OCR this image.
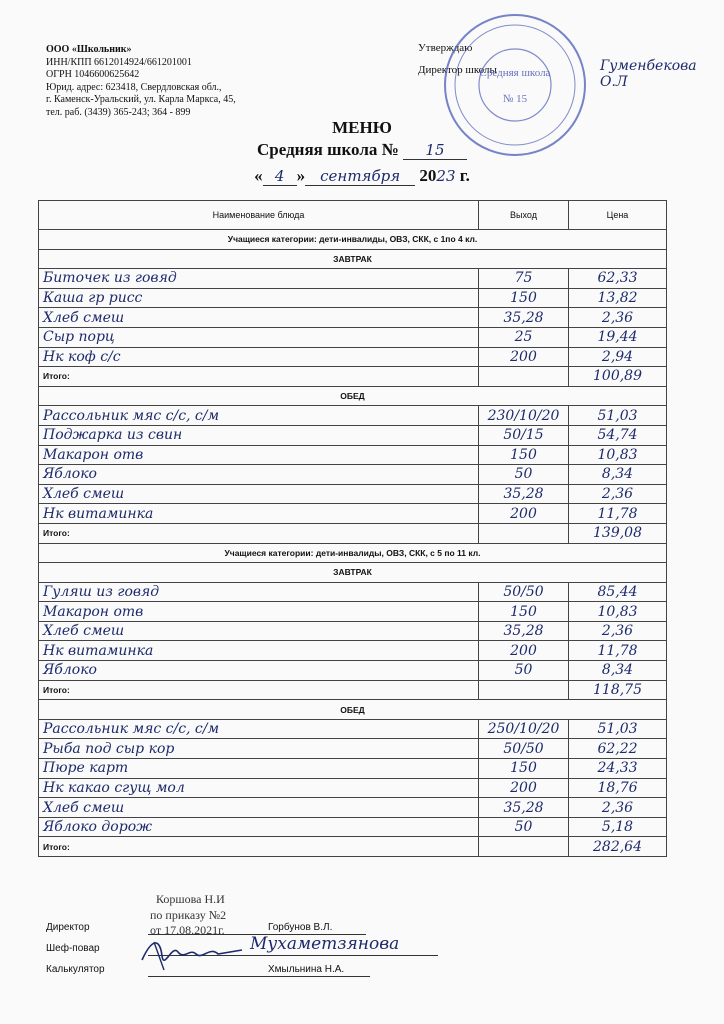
ООО «Школьник»
ИНН/КПП 6612014924/661201001
ОГРН 1046600625642
Юрид. адрес: 623418, Свердловская обл.,
г. Каменск-Уральский, ул. Карла Маркса, 45,
тел. раб. (3439) 365-243; 364 - 899
Утверждаю
Директор школы	Гуменбекова О.Л
Средняя школа
№ 15
МЕНЮ
Средняя школа № 15
« 4 » сентября 2023 г.
Наименование блюда	Выход	Цена
Учащиеся категории: дети-инвалиды, ОВЗ, СКК, с 1по 4 кл.		
ЗАВТРАК		
Биточек из говяд	75	62,33
Каша гр рисс	150	13,82
Хлеб смеш	35,28	2,36
Сыр порц	25	19,44
Нк коф с/с	200	2,94
Итого:		100,89
ОБЕД		
Рассольник мяс с/с, с/м	230/10/20	51,03
Поджарка из свин	50/15	54,74
Макарон отв	150	10,83
Яблоко	50	8,34
Хлеб смеш	35,28	2,36
Нк витаминка	200	11,78
Итого:		139,08
Учащиеся категории: дети-инвалиды, ОВЗ, СКК, с 5 по 11 кл.		
ЗАВТРАК		
Гуляш из говяд	50/50	85,44
Макарон отв	150	10,83
Хлеб смеш	35,28	2,36
Нк витаминка	200	11,78
Яблоко	50	8,34
Итого:		118,75
ОБЕД		
Рассольник мяс с/с, с/м	250/10/20	51,03
Рыба под сыр кор	50/50	62,22
Пюре карт	150	24,33
Нк какао сгущ мол	200	18,76
Хлеб смеш	35,28	2,36
Яблоко дорож	50	5,18
Итого:		282,64
Директор	Горбунов В.Л.
Шеф-повар	Мухаметзянова
Калькулятор	Хмыльнина Н.А.
Коршова Н.И
по приказу №2
от 17.08.2021г.
